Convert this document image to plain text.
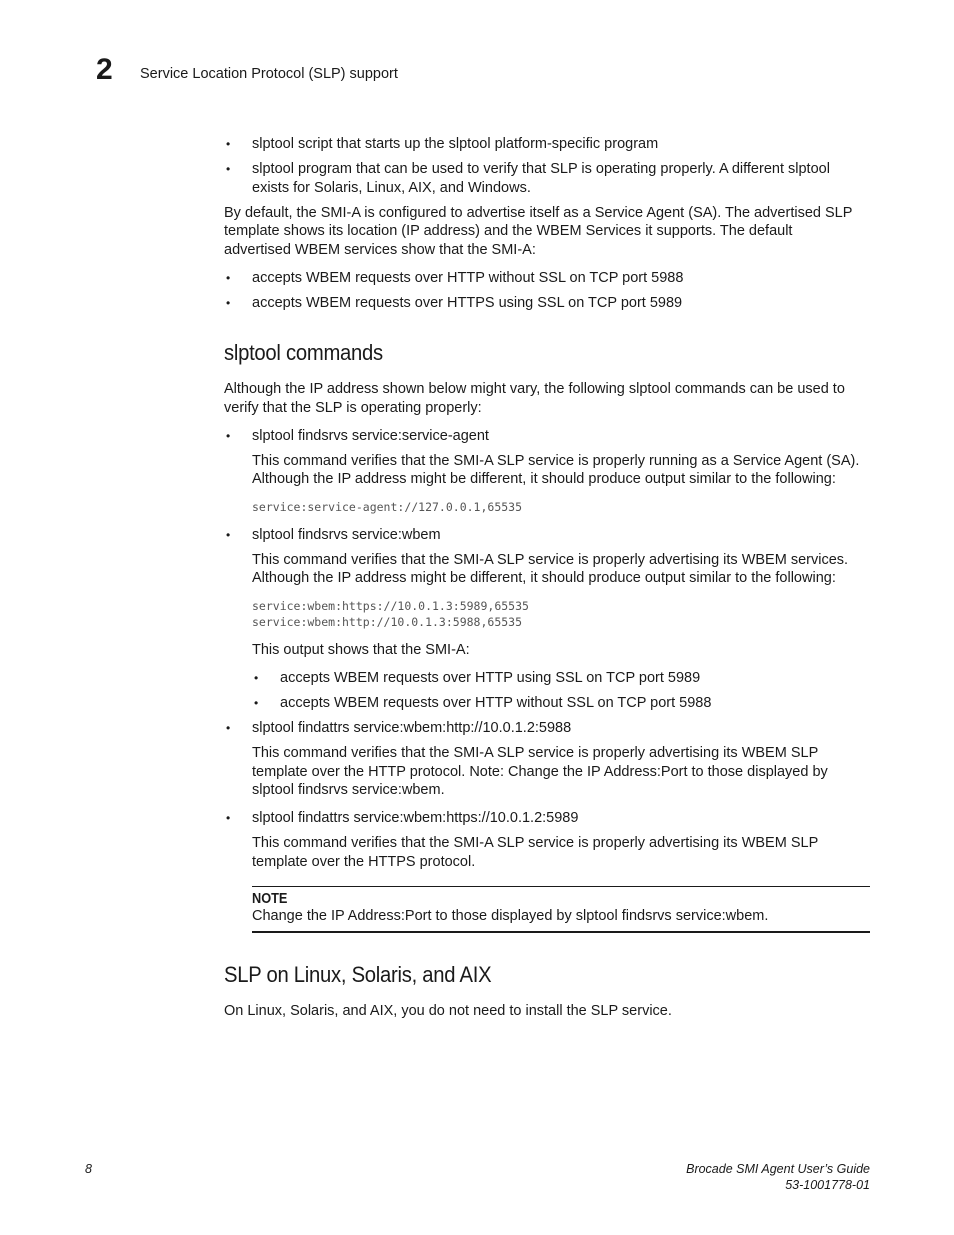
2 Service Location Protocol (SLP) support
• slptool script that starts up the slptool platform-specific program
• slptool program that can be used to verify that SLP is operating properly. A different slptool
exists for Solaris, Linux, AIX, and Windows.
By default, the SMI-A is configured to advertise itself as a Service Agent (SA). The advertised SLP
template shows its location (IP address) and the WBEM Services it supports. The default
advertised WBEM services show that the SMI-A:
• accepts WBEM requests over HTTP without SSL on TCP port 5988
• accepts WBEM requests over HTTPS using SSL on TCP port 5989
slptool commands
Although the IP address shown below might vary, the following slptool commands can be used to
verify that the SLP is operating properly:
• slptool findsrvs service:service-agent
This command verifies that the SMI-A SLP service is properly running as a Service Agent (SA).
Although the IP address might be different, it should produce output similar to the following:
service:service-agent://127.0.0.1,65535
• slptool findsrvs service:wbem
This command verifies that the SMI-A SLP service is properly advertising its WBEM services.
Although the IP address might be different, it should produce output similar to the following:
service:wbem:https://10.0.1.3:5989,65535
service:wbem:http://10.0.1.3:5988,65535
This output shows that the SMI-A:
• accepts WBEM requests over HTTP using SSL on TCP port 5989
• accepts WBEM requests over HTTP without SSL on TCP port 5988
• slptool findattrs service:wbem:http://10.0.1.2:5988
This command verifies that the SMI-A SLP service is properly advertising its WBEM SLP
template over the HTTP protocol. Note: Change the IP Address:Port to those displayed by
slptool findsrvs service:wbem.
• slptool findattrs service:wbem:https://10.0.1.2:5989
This command verifies that the SMI-A SLP service is properly advertising its WBEM SLP
template over the HTTPS protocol.
NOTE
Change the IP Address:Port to those displayed by slptool findsrvs service:wbem.
SLP on Linux, Solaris, and AIX
On Linux, Solaris, and AIX, you do not need to install the SLP service.
8	Brocade SMI Agent User’s Guide
53-1001778-01
